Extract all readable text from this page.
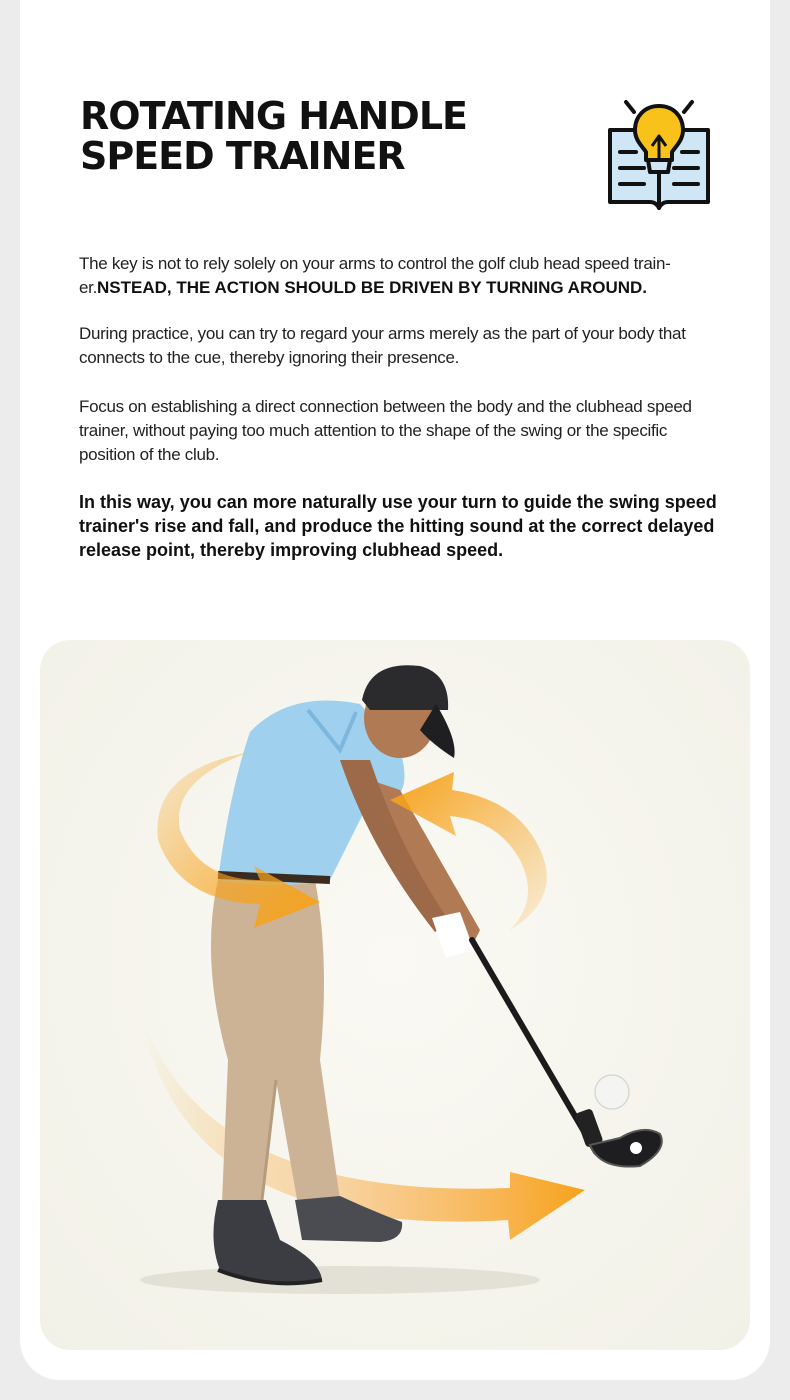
ROTATING HANDLE
SPEED TRAINER

The key is not to rely solely on your arms to control the golf club head speed train-er.NSTEAD, THE ACTION SHOULD BE DRIVEN BY TURNING AROUND.

During practice, you can try to regard your arms merely as the part of your body that connects to the cue, thereby ignoring their presence.

Focus on establishing a direct connection between the body and the clubhead speed trainer, without paying too much attention to the shape of the swing or the specific position of the club.

In this way, you can more naturally use your turn to guide the swing speed trainer's rise and fall, and produce the hitting sound at the correct delayed release point, thereby improving clubhead speed.
